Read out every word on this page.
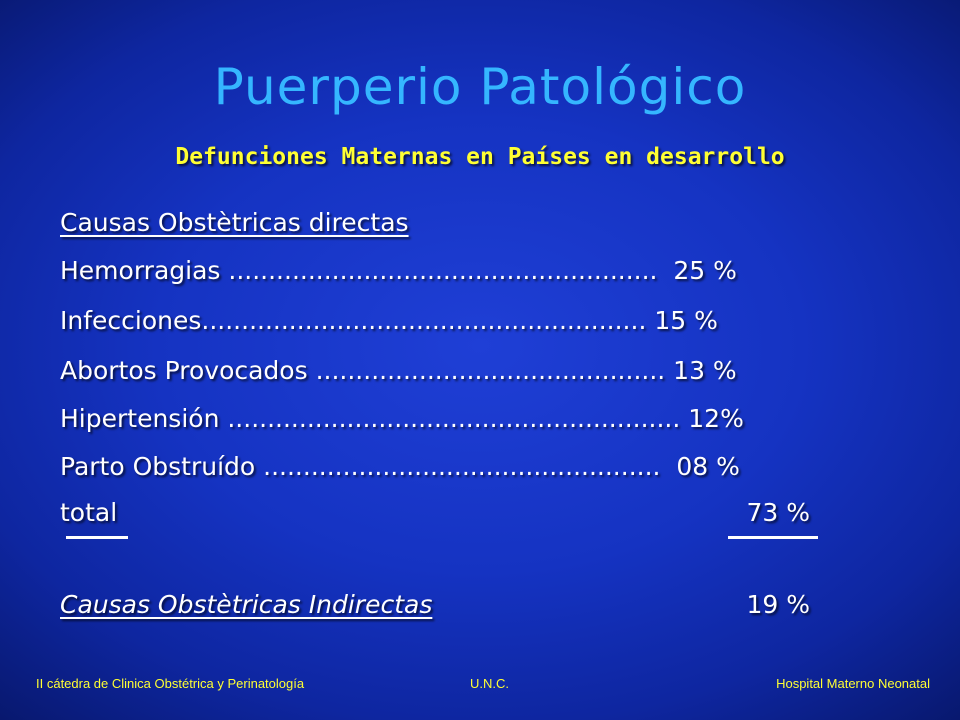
Puerperio Patológico
Defunciones Maternas en Países en desarrollo
Causas Obstètricas directas
Hemorragias ......................................................  25 %
Infecciones........................................................ 15 %
Abortos Provocados ............................................ 13 %
Hipertensión ......................................................... 12%
Parto Obstruído ..................................................  08 %
total	73 %
Causas Obstètricas Indirectas	19 %
II cátedra de Clinica Obstétrica y Perinatología	U.N.C.	Hospital Materno Neonatal
